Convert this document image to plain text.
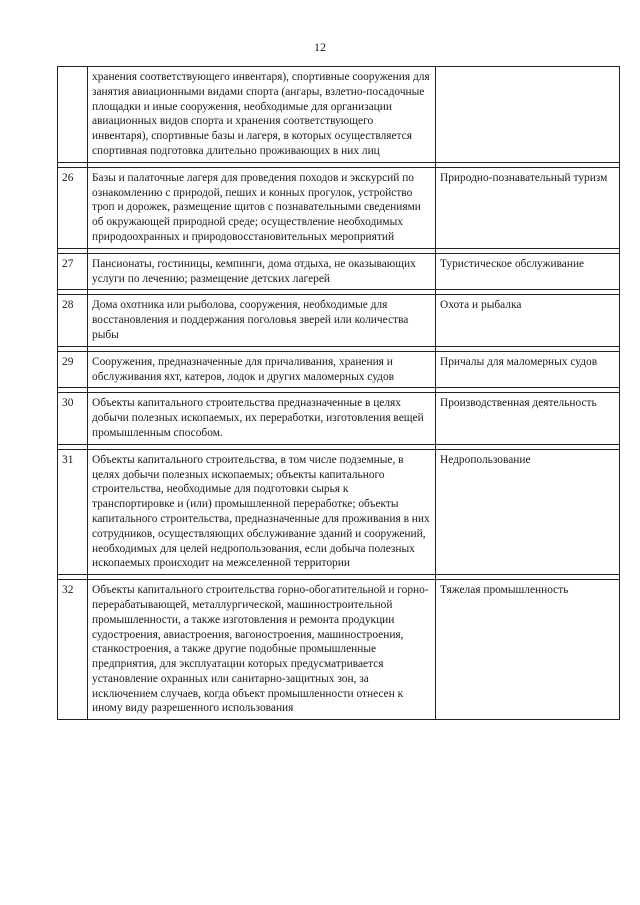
12
	хранения соответствующего инвентаря), спортивные сооружения для занятия авиационными видами спорта (ангары, взлетно-посадочные площадки и иные сооружения, необходимые для организации авиационных видов спорта и хранения соответствующего инвентаря), спортивные базы и лагеря, в которых осуществляется спортивная подготовка длительно проживающих в них лиц	

26	Базы и палаточные лагеря для проведения походов и экскурсий по ознакомлению с природой, пеших и конных прогулок, устройство троп и дорожек, размещение щитов с познавательными сведениями об окружающей природной среде; осуществление необходимых природоохранных и природовосстановительных мероприятий	Природно-познавательный туризм

27	Пансионаты, гостиницы, кемпинги, дома отдыха, не оказывающих услуги по лечению; размещение детских лагерей	Туристическое обслуживание

28	Дома охотника или рыболова, сооружения, необходимые для восстановления и поддержания поголовья зверей или количества рыбы	Охота и рыбалка

29	Сооружения, предназначенные для причаливания, хранения и обслуживания яхт, катеров, лодок и других маломерных судов	Причалы для маломерных судов

30	Объекты капитального строительства предназначенные в целях добычи полезных ископаемых, их переработки, изготовления вещей промышленным способом.	Производственная деятельность

31	Объекты капитального строительства, в том числе подземные, в целях добычи полезных ископаемых; объекты капитального строительства, необходимые для подготовки сырья к транспортировке и (или) промышленной переработке; объекты капитального строительства, предназначенные для проживания в них сотрудников, осуществляющих обслуживание зданий и сооружений, необходимых для целей недропользования, если добыча полезных ископаемых происходит на межселенной территории	Недропользование

32	Объекты капитального строительства горно-обогатительной и горно-перерабатывающей, металлургической, машиностроительной промышленности, а также изготовления и ремонта продукции судостроения, авиастроения, вагоностроения, машиностроения, станкостроения, а также другие подобные промышленные предприятия, для эксплуатации которых предусматривается установление охранных или санитарно-защитных зон, за исключением случаев, когда объект промышленности отнесен к иному виду разрешенного использования	Тяжелая промышленность
